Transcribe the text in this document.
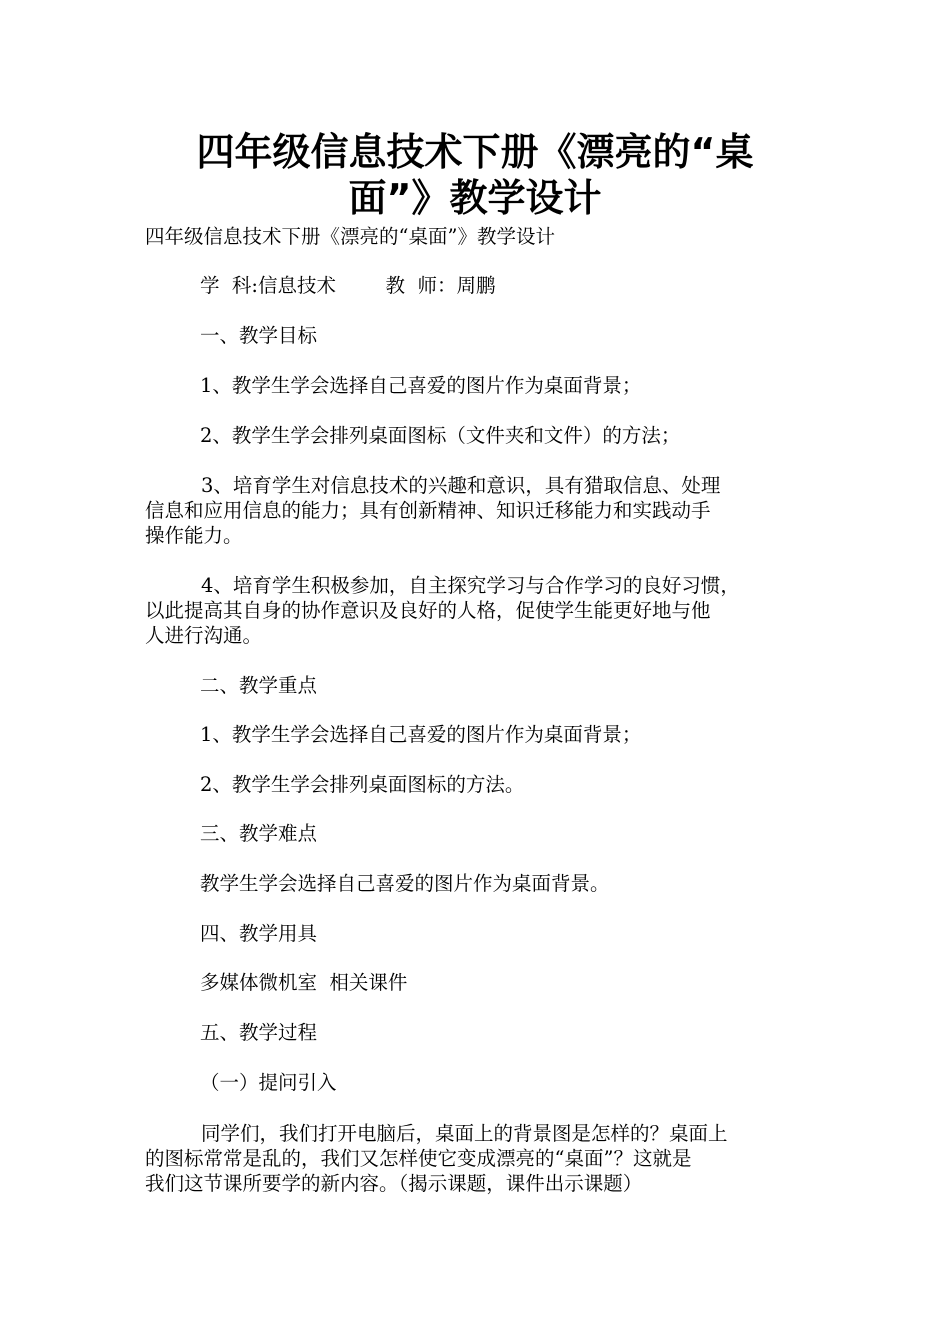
四年级信息技术下册《漂亮的“桌
面”》教学设计

四年级信息技术下册《漂亮的“桌面”》教学设计

学  科:信息技术        教  师：周鹏

一、教学目标

1、教学生学会选择自己喜爱的图片作为桌面背景；

2、教学生学会排列桌面图标（文件夹和文件）的方法；

3、培育学生对信息技术的兴趣和意识，具有猎取信息、处理
信息和应用信息的能力；具有创新精神、知识迁移能力和实践动手
操作能力。
4、培育学生积极参加，自主探究学习与合作学习的良好习惯，
以此提高其自身的协作意识及良好的人格，促使学生能更好地与他
人进行沟通。

二、教学重点

1、教学生学会选择自己喜爱的图片作为桌面背景；

2、教学生学会排列桌面图标的方法。

三、教学难点

教学生学会选择自己喜爱的图片作为桌面背景。

四、教学用具

多媒体微机室  相关课件

五、教学过程

（一）提问引入

同学们，我们打开电脑后，桌面上的背景图是怎样的？桌面上
的图标常常是乱的，我们又怎样使它变成漂亮的“桌面”？这就是
我们这节课所要学的新内容。（揭示课题，课件出示课题）
